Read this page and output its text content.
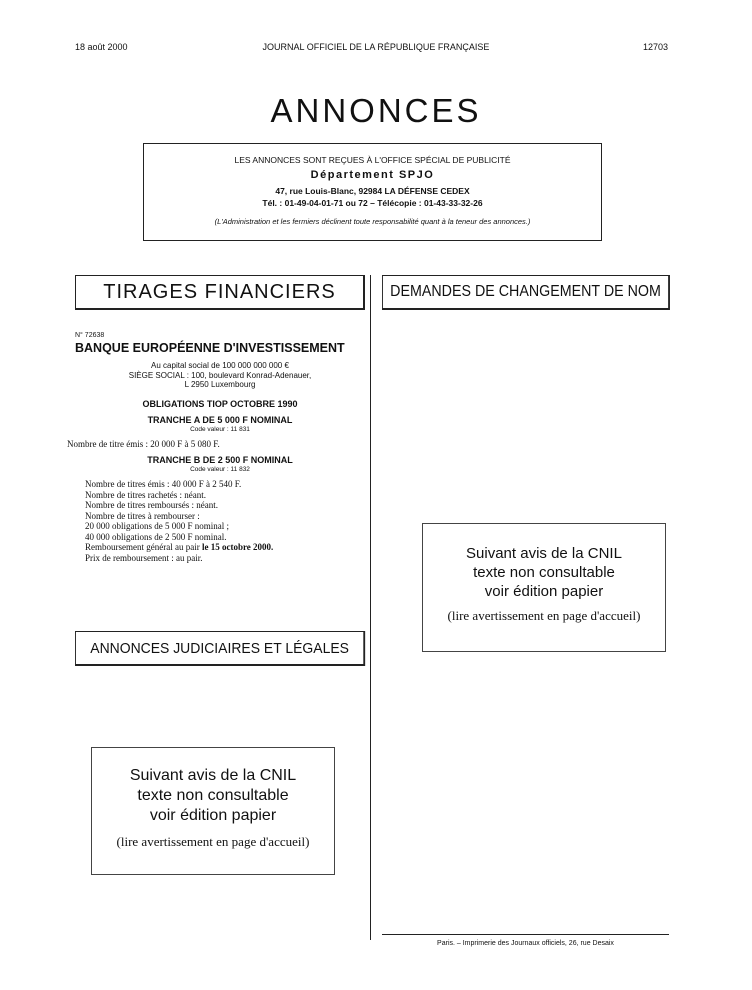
18 août 2000	JOURNAL OFFICIEL DE LA RÉPUBLIQUE FRANÇAISE	12703
ANNONCES
LES ANNONCES SONT REÇUES À L'OFFICE SPÉCIAL DE PUBLICITÉ
Département SPJO
47, rue Louis-Blanc, 92984 LA DÉFENSE CEDEX
Tél. : 01-49-04-01-71 ou 72 – Télécopie : 01-43-33-32-26
(L'Administration et les fermiers déclinent toute responsabilité quant à la teneur des annonces.)
TIRAGES FINANCIERS	DEMANDES DE CHANGEMENT DE NOM
ANNONCES JUDICIAIRES ET LÉGALES
N° 72638
BANQUE EUROPÉENNE D'INVESTISSEMENT
Au capital social de 100 000 000 000 €
SIÈGE SOCIAL : 100, boulevard Konrad-Adenauer,
L 2950 Luxembourg
OBLIGATIONS TIOP OCTOBRE 1990
TRANCHE A DE 5 000 F NOMINAL
Code valeur : 11 831
Nombre de titre émis : 20 000 F à 5 080 F.
TRANCHE B DE 2 500 F NOMINAL
Code valeur : 11 832
Nombre de titres émis : 40 000 F à 2 540 F.
Nombre de titres rachetés : néant.
Nombre de titres remboursés : néant.
Nombre de titres à rembourser :
20 000 obligations de 5 000 F nominal ;
40 000 obligations de 2 500 F nominal.
Remboursement général au pair le 15 octobre 2000.
Prix de remboursement : au pair.	Suivant avis de la CNIL
texte non consultable
voir édition papier
(lire avertissement en page d'accueil)
Suivant avis de la CNIL
texte non consultable
voir édition papier
(lire avertissement en page d'accueil)
Paris. – Imprimerie des Journaux officiels, 26, rue Desaix
